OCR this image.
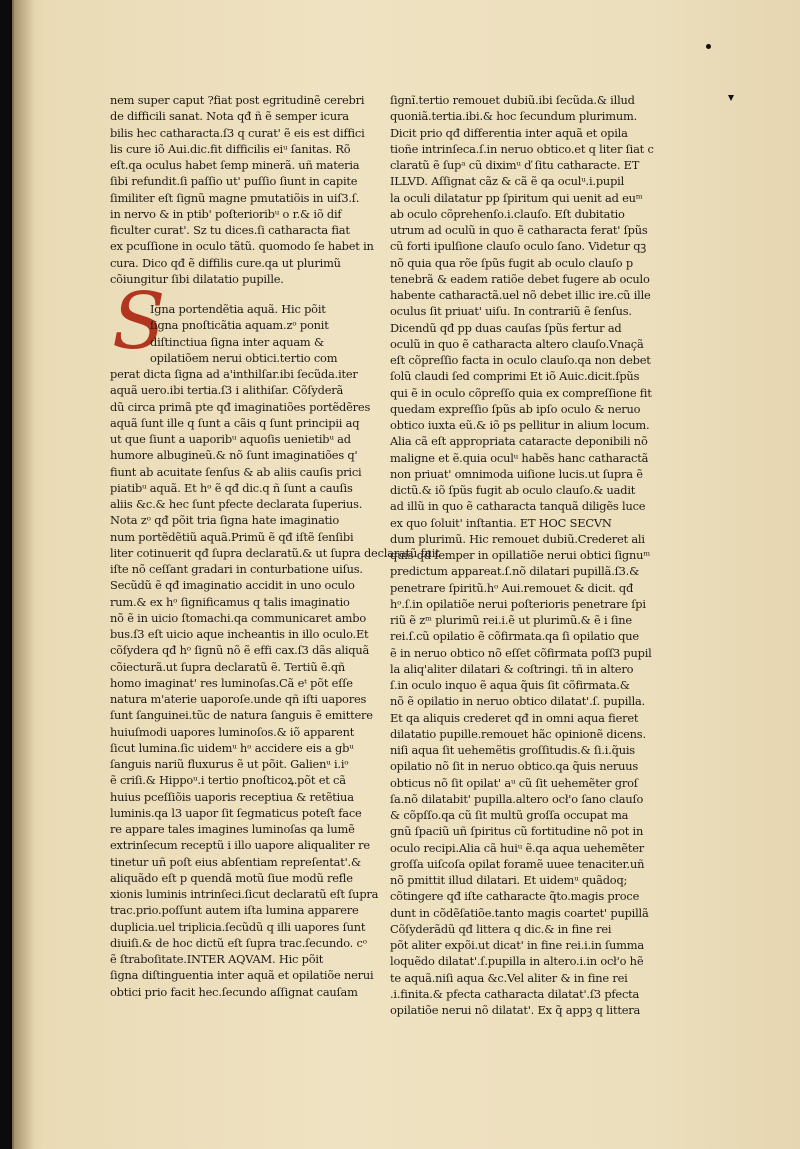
S
nem super caput ?fiat post egritudinẽ cerebri
de difficili sanat. Nota qđ ñ ẽ semper icura
bilis hec catharacta.ſ3 q curat' ẽ eis est diffici
lis cure iõ Aui.dic.fit difficilis eiᵘ ſanitas. Rõ
eſt.qa oculus habet ſemp minerã. uñ materia
ſibi refundit.ſi paſſio ut' puſſio ſiunt in capite
ſimiliter eſt ſignũ magne pmutatiõis in uiſ3.ſ.
in nervo & in ptib' poſterioribᵘ o r.& iõ dif
ficulter curat'. Sz tu dices.ſi catharacta fiat
ex pcuſſione in oculo tãtũ. quomodo ſe habet in
cura. Dico qđ ẽ diffilis cure.qa ut plurimũ
cõiungitur ſibi dilatatio pupille.
Igna portendẽtia aquã. Hic põit
ſigna pnoſticãtia aquam.zᵒ ponit
diſtinctiua ſigna inter aquam &
opilatiõem nerui obtici.tertio com
perat dicta ſigna ad a'inthilſar.ibi ſecũda.iter
aquã uero.ibi tertia.ſ3 i alithiſar. Cõſyderã
dũ circa primã pte qđ imaginatiões portẽdẽres
aquã ſunt ille q ſunt a cãis q ſunt principii aq
ut que ſiunt a uaporibᵘ aquoſis uenietibᵘ ad
humore albugineũ.& nõ ſunt imaginatiões q'
fiunt ab acuitate ſenſus & ab aliis cauſis prici
piatibᵘ aquã. Et hᵒ ẽ qđ dic.q ñ ſunt a cauſis
aliis &c.& hec ſunt pfecte declarata ſuperius.
Nota zᵒ qđ põit tria ſigna hate imaginatio
num portẽdẽtiũ aquã.Primũ ẽ qđ iſtẽ ſenſibi
liter cotinuerit qđ ſupra declaratũ.& ut ſupra declaratũ fuit
iſte nõ ceſſant gradari in conturbatione uiſus.
Secũdũ ẽ qđ imaginatio accidit in uno oculo
rum.& ex hᵒ ſignificamus q talis imaginatio
nõ ẽ in uicio ſtomachi.qa communicaret ambo
bus.ſ3 eſt uicio aque incheantis in illo oculo.Et
cõſydera qđ hᵒ ſignũ nõ ẽ effi cax.ſ3 dãs aliquã
cõiecturã.ut ſupra declaratũ ẽ. Tertiũ ẽ.qñ
homo imaginat' res luminoſas.Cã eᵗ põt eſſe
natura m'aterie uaporoſe.unde qñ iſti uapores
ſunt ſanguinei.tũc de natura ſanguis ẽ emittere
huiuſmodi uapores luminoſos.& iõ apparent
ſicut lumina.ſic uidemᵘ hᵒ accidere eis a gbᵘ
ſanguis nariũ fluxurus ẽ ut põit. Galienᵘ i.iᵒ
ẽ criſi.& Hippoᵘ.i tertio pnoſticoꝝ.põt et cã
huius pceſſiõis uaporis receptiua & retẽtiua
luminis.qa l3 uapor ſit ſegmaticus poteſt face
re appare tales imagines luminoſas qa lumẽ
extrinſecum receptũ i illo uapore aliqualiter re
tinetur uñ poſt eius abſentiam repreſentat'.&
aliquãdo eſt p quendã motũ ſiue modũ refle
xionis luminis intrinſeci.ſicut declaratũ eſt ſupra
trac.prio.poſſunt autem iſta lumina apparere
duplicia.uel triplicia.ſecũdũ q illi uapores ſunt
diuiſi.& de hoc dictũ eſt ſupra trac.ſecundo. cᵒ
ẽ ſtraboſitate.INTER AQVAM. Hic põit
ſigna diſtinguentia inter aquã et opilatiõe nerui
obtici prio facit hec.ſecundo aſſignat cauſam
ſignĩ.tertio remouet dubiũ.ibi ſecũda.& illud
quoniã.tertia.ibi.& hoc ſecundum plurimum.
Dicit prio qđ differentia inter aquã et opila
tioñe intrinſeca.ſ.in neruo obtico.et q liter ſiat c
claratũ ẽ ſupᵃ cũ diximᵘ ď ſitu catharacte. ET
ILLVD. Aſſignat cãz & cã ẽ qa oculᵘ.i.pupil
la oculi dilatatur pp ſpiritum qui uenit ad euᵐ
ab oculo cõprehenſo.i.clauſo. Eſt dubitatio
utrum ad oculũ in quo ẽ catharacta ferat' ſpũs
cũ forti ipulſione clauſo oculo ſano. Videtur qꝫ
nõ quia qua rõe ſpũs fugit ab oculo clauſo p
tenebrã & eadem ratiõe debet fugere ab oculo
habente catharactã.uel nõ debet illic ire.cũ ille
oculus ſit priuat' uiſu. In contrariũ ẽ ſenſus.
Dicendũ qđ pp duas cauſas ſpũs fertur ad
oculũ in quo ẽ catharacta altero clauſo.Vnaçã
eſt cõpreſſio facta in oculo clauſo.qa non debet
ſolũ claudi ſed comprimi Et iõ Auic.dicit.ſpũs
qui ẽ in oculo cõpreſſo quia ex compreſſione fit
quedam expreſſio ſpũs ab ipſo oculo & neruo
obtico iuxta eũ.& iõ ps pellitur in alium locum.
Alia cã eſt appropriata cataracte deponibili nõ
maligne et ẽ.quia oculᵘ habẽs hanc catharactã
non priuat' omnimoda uiſione lucis.ut ſupra ẽ
dictũ.& iõ ſpũs fugit ab oculo clauſo.& uadit
ad illũ in quo ẽ catharacta tanquã diligẽs luce
ex quo ſoluit' inſtantia. ET HOC SECVN
dum plurimũ. Hic remouet dubiũ.Crederet ali
quis qđ ſemper in opillatiõe nerui obtici ſignuᵐ
predictum appareat.ſ.nõ dilatari pupillã.ſ3.&
penetrare ſpiritũ.hᵒ Aui.remouet & dicit. qđ
hᵒ.ſ.in opilatiõe nerui poſterioris penetrare ſpi
riũ ẽ zᵐ plurimũ rei.i.ẽ ut plurimũ.& ẽ i ſine
rei.ſ.cũ opilatio ẽ cõfirmata.qa ſi opilatio que
ẽ in neruo obtico nõ eſſet cõfirmata poſſ3 pupil
la aliq'aliter dilatari & coſtringi. tñ in altero
ſ.in oculo inquo ẽ aqua q̃uis ſit cõfirmata.&
nõ ẽ opilatio in neruo obtico dilatat'.ſ. pupilla.
Et qa aliquis crederet qđ in omni aqua fieret
dilatatio pupille.remouet hãc opinionẽ dicens.
niſi aqua ſit uehemẽtis groſſitudis.& ſi.i.q̃uis
opilatio nõ ſit in neruo obtico.qa q̃uis neruus
obticus nõ ſit opilat' aᵘ cũ ſit uehemẽter groſ
ſa.nõ dilatabit' pupilla.altero ocł'o ſano clauſo
& cõpſſo.qa cũ ſit multũ groſſa occupat ma
gnũ ſpaciũ uñ ſpiritus cũ fortitudine nõ pot in
oculo recipi.Alia cã huiᵘ ẽ.qa aqua uehemẽter
groſſa uiſcoſa opilat foramẽ uuee tenaciter.uñ
nõ pmittit illud dilatari. Et uidemᵘ quãdoq;
cõtingere qđ iſte catharacte q̃to.magis proce
dunt in cõdẽſatiõe.tanto magis coartet' pupillã
Cõſyderãdũ qđ littera q dic.& in fine rei
põt aliter expõi.ut dicat' in fine rei.i.in ſumma
loquẽdo dilatat'.ſ.pupilla in altero.i.in ocł'o hẽ
te aquã.niſi aqua &c.Vel aliter & in fine rei
.i.finita.& pfecta catharacta dilatat'.ſ3 pfecta
opilatiõe nerui nõ dilatat'. Ex q̃ appꝫ q littera
